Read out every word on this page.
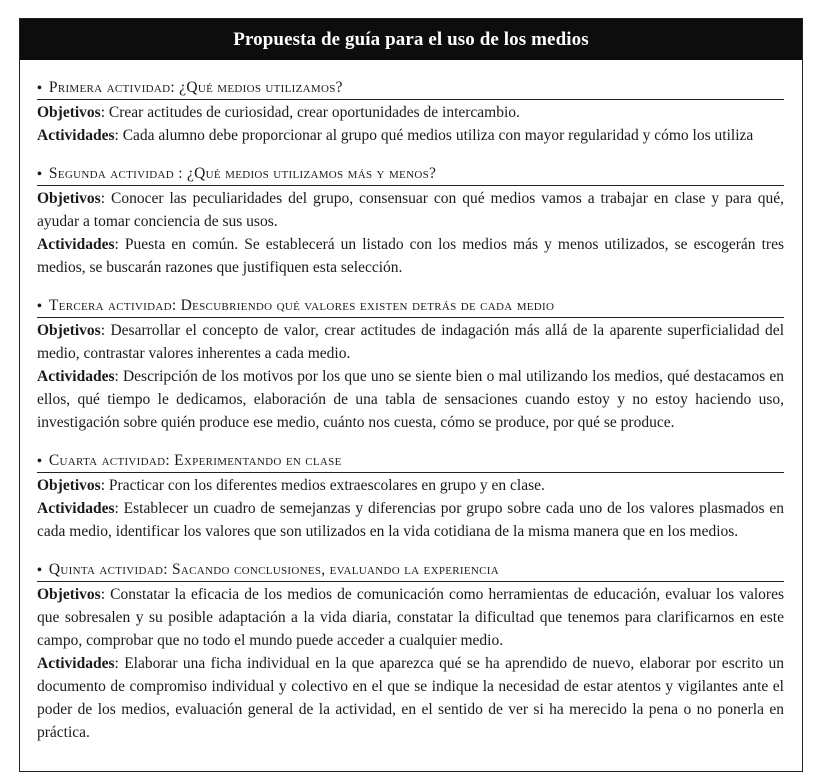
Propuesta de guía para el uso de los medios
• Primera actividad: ¿Qué medios utilizamos?
Objetivos: Crear actitudes de curiosidad, crear oportunidades de intercambio.
Actividades: Cada alumno debe proporcionar al grupo qué medios utiliza con mayor regularidad y cómo los utiliza
• Segunda actividad : ¿Qué medios utilizamos más y menos?
Objetivos: Conocer las peculiaridades del grupo, consensuar con qué medios vamos a trabajar en clase y para qué, ayudar a tomar conciencia de sus usos.
Actividades: Puesta en común. Se establecerá un listado con los medios más y menos utilizados, se escogerán tres medios, se buscarán razones que justifiquen esta selección.
• Tercera actividad: Descubriendo qué valores existen detrás de cada medio
Objetivos: Desarrollar el concepto de valor, crear actitudes de indagación más allá de la aparente superficialidad del medio, contrastar valores inherentes a cada medio.
Actividades: Descripción de los motivos por los que uno se siente bien o mal utilizando los medios, qué destacamos en ellos, qué tiempo le dedicamos, elaboración de una tabla de sensaciones cuando estoy y no estoy haciendo uso, investigación sobre quién produce ese medio, cuánto nos cuesta, cómo se produce, por qué se produce.
• Cuarta actividad: Experimentando en clase
Objetivos: Practicar con los diferentes medios extraescolares en grupo y en clase.
Actividades: Establecer un cuadro de semejanzas y diferencias por grupo sobre cada uno de los valores plasmados en cada medio, identificar los valores que son utilizados en la vida cotidiana de la misma manera que en los medios.
• Quinta actividad: Sacando conclusiones, evaluando la experiencia
Objetivos: Constatar la eficacia de los medios de comunicación como herramientas de educación, evaluar los valores que sobresalen y su posible adaptación a la vida diaria, constatar la dificultad que tenemos para clarificarnos en este campo, comprobar que no todo el mundo puede acceder a cualquier medio.
Actividades: Elaborar una ficha individual en la que aparezca qué se ha aprendido de nuevo, elaborar por escrito un documento de compromiso individual y colectivo en el que se indique la necesidad de estar atentos y vigilantes ante el poder de los medios, evaluación general de la actividad, en el sentido de ver si ha merecido la pena o no ponerla en práctica.
